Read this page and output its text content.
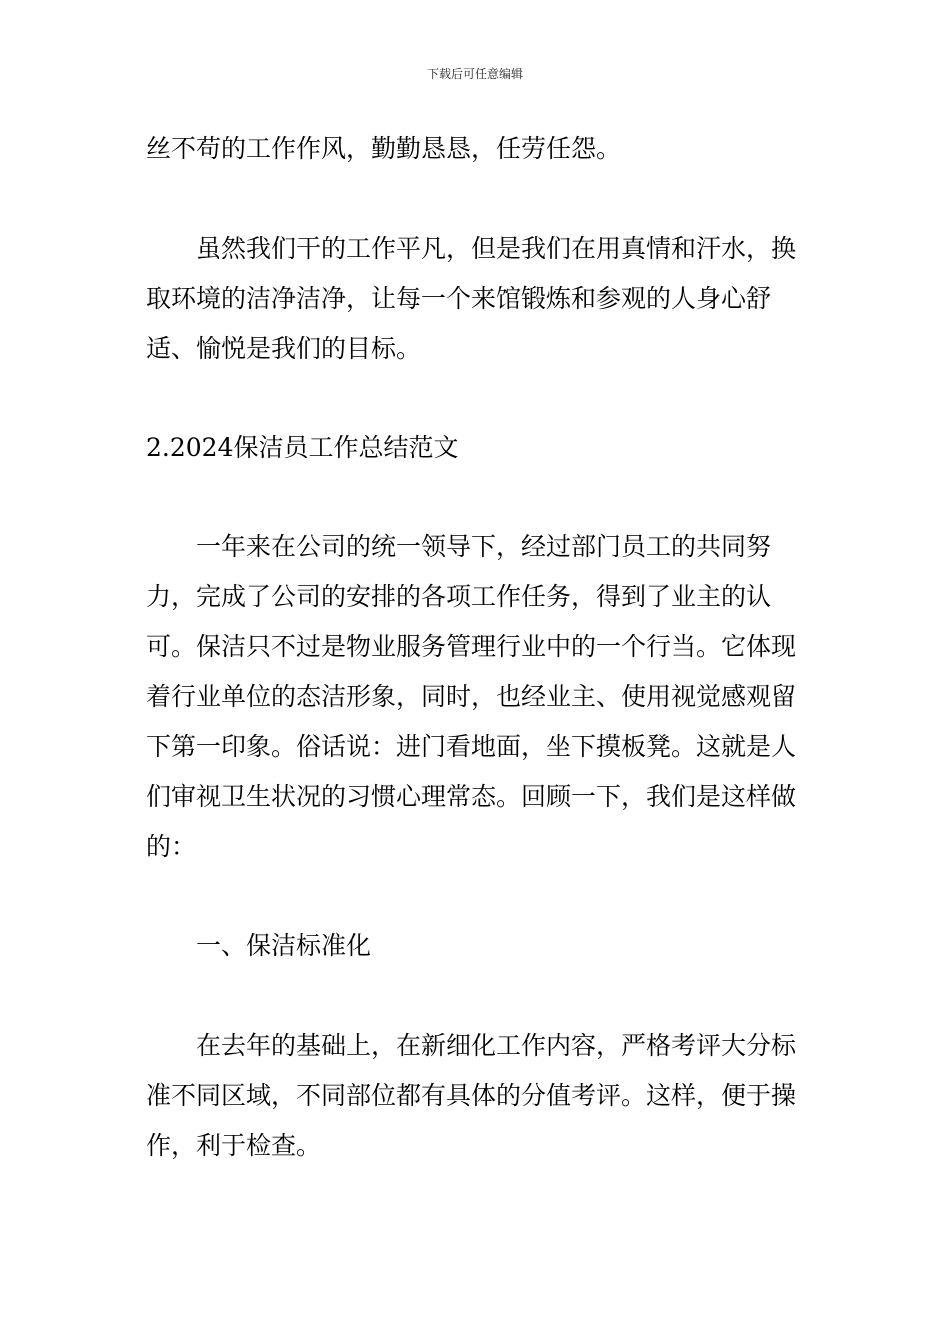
下载后可任意编辑

丝不苟的工作作风，勤勤恳恳，任劳任怨。

虽然我们干的工作平凡，但是我们在用真情和汗水，换取环境的洁净洁净，让每一个来馆锻炼和参观的人身心舒适、愉悦是我们的目标。

2.2024保洁员工作总结范文

一年来在公司的统一领导下，经过部门员工的共同努力，完成了公司的安排的各项工作任务，得到了业主的认可。保洁只不过是物业服务管理行业中的一个行当。它体现着行业单位的态洁形象，同时，也经业主、使用视觉感观留下第一印象。俗话说：进门看地面，坐下摸板凳。这就是人们审视卫生状况的习惯心理常态。回顾一下，我们是这样做的：

一、保洁标准化

在去年的基础上，在新细化工作内容，严格考评大分标准不同区域，不同部位都有具体的分值考评。这样，便于操作，利于检查。
